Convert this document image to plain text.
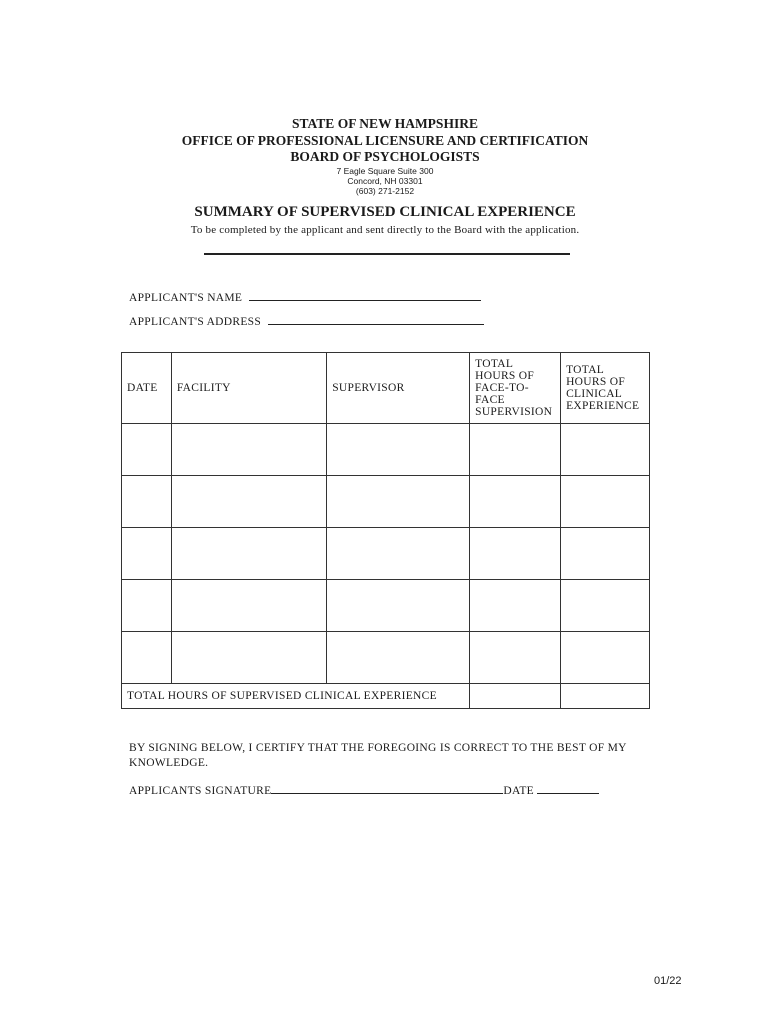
STATE OF NEW HAMPSHIRE
OFFICE OF PROFESSIONAL LICENSURE AND CERTIFICATION
BOARD OF PSYCHOLOGISTS
7 Eagle Square Suite 300
Concord, NH 03301
(603) 271-2152
SUMMARY OF SUPERVISED CLINICAL EXPERIENCE
To be completed by the applicant and sent directly to the Board with the application.
APPLICANT'S NAME
APPLICANT'S ADDRESS
DATE	FACILITY	SUPERVISOR	TOTAL HOURS OF FACE-TO-FACE SUPERVISION	TOTAL HOURS OF CLINICAL EXPERIENCE

TOTAL HOURS OF SUPERVISED CLINICAL EXPERIENCE				
BY SIGNING BELOW, I CERTIFY THAT THE FOREGOING IS CORRECT TO THE BEST OF MY KNOWLEDGE.
APPLICANTS SIGNATURE	DATE
01/22
